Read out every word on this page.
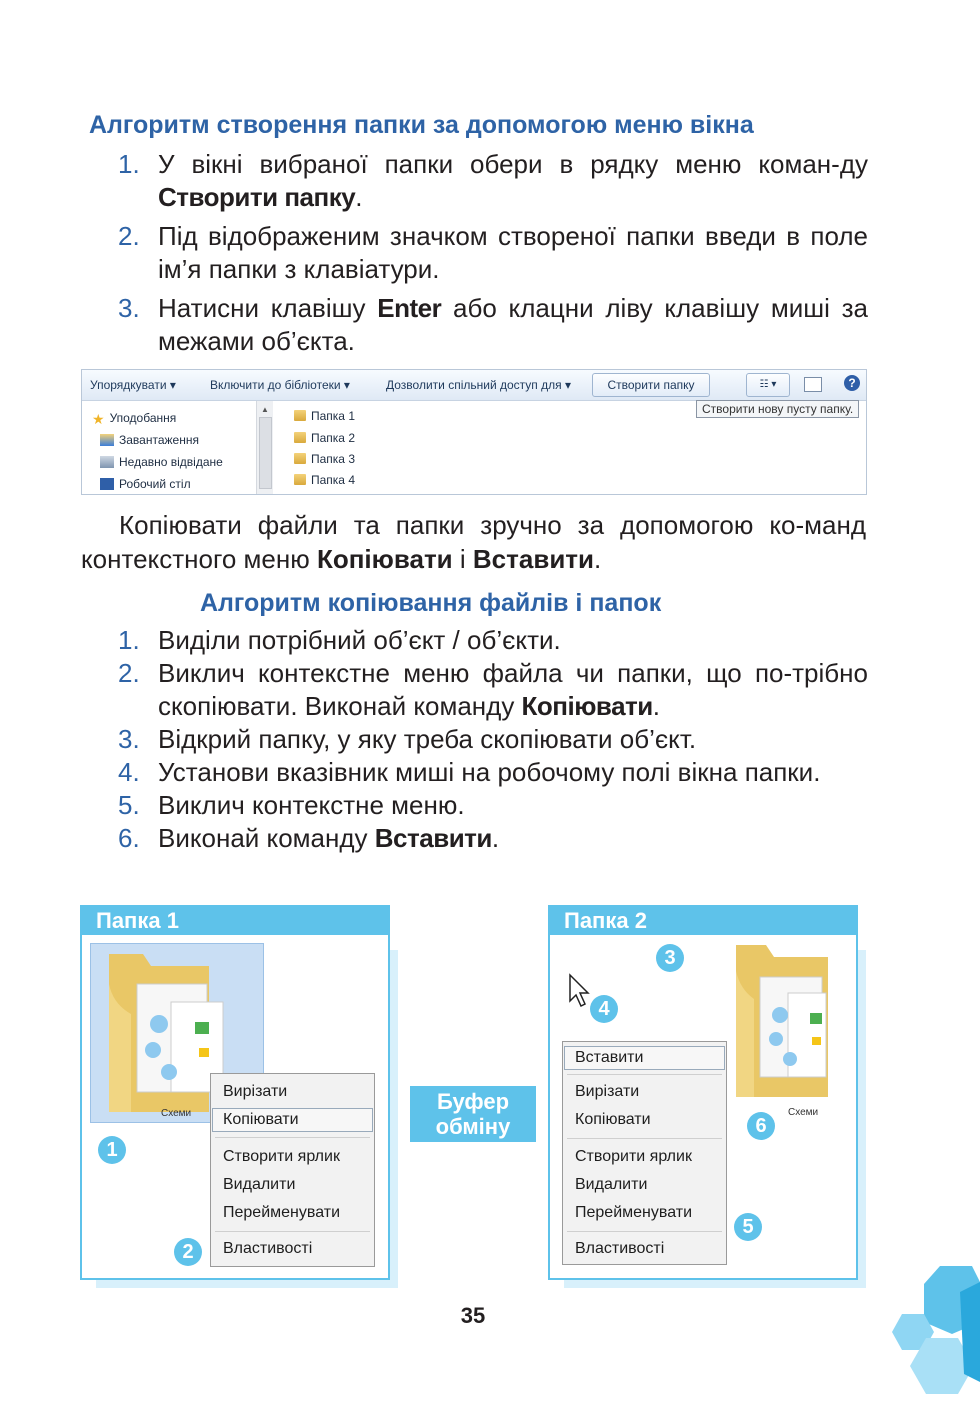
Алгоритм створення папки за допомогою меню вікна
1. У вікні вибраної папки обери в рядку меню коман-ду Створити папку.
2. Під відображеним значком створеної папки введи в поле ім’я папки з клавіатури.
3. Натисни клавішу Enter або клацни ліву клавішу миші за межами об’єкта.
Упорядкувати ▾	Включити до бібліотеки ▾	Дозволити спільний доступ для ▾	Створити папку	☷ ▾	?
Створити нову пусту папку.
★ Уподобання
Завантаження
Недавно відвідане
Робочий стіл
▲	Папка 1
Папка 2
Папка 3
Папка 4
Копіювати файли та папки зручно за допомогою ко-манд контекстного меню Копіювати і Вставити.
Алгоритм копіювання файлів і папок
1. Виділи потрібний об’єкт / об’єкти.
2. Виклич контекстне меню файла чи папки, що по-трібно скопіювати. Виконай команду Копіювати.
3. Відкрий папку, у яку треба скопіювати об’єкт.
4. Установи вказівник миші на робочому полі вікна папки.
5. Виклич контекстне меню.
6. Виконай команду Вставити.
Папка 1
Схеми
Вирізати
Копіювати
Створити ярлик
Видалити
Перейменувати
Властивості
1
2
Буфер
обміну
Папка 2
3
4
Схеми
6
Вставити
Вирізати
Копіювати
Створити ярлик
Видалити
Перейменувати
Властивості
5
35
